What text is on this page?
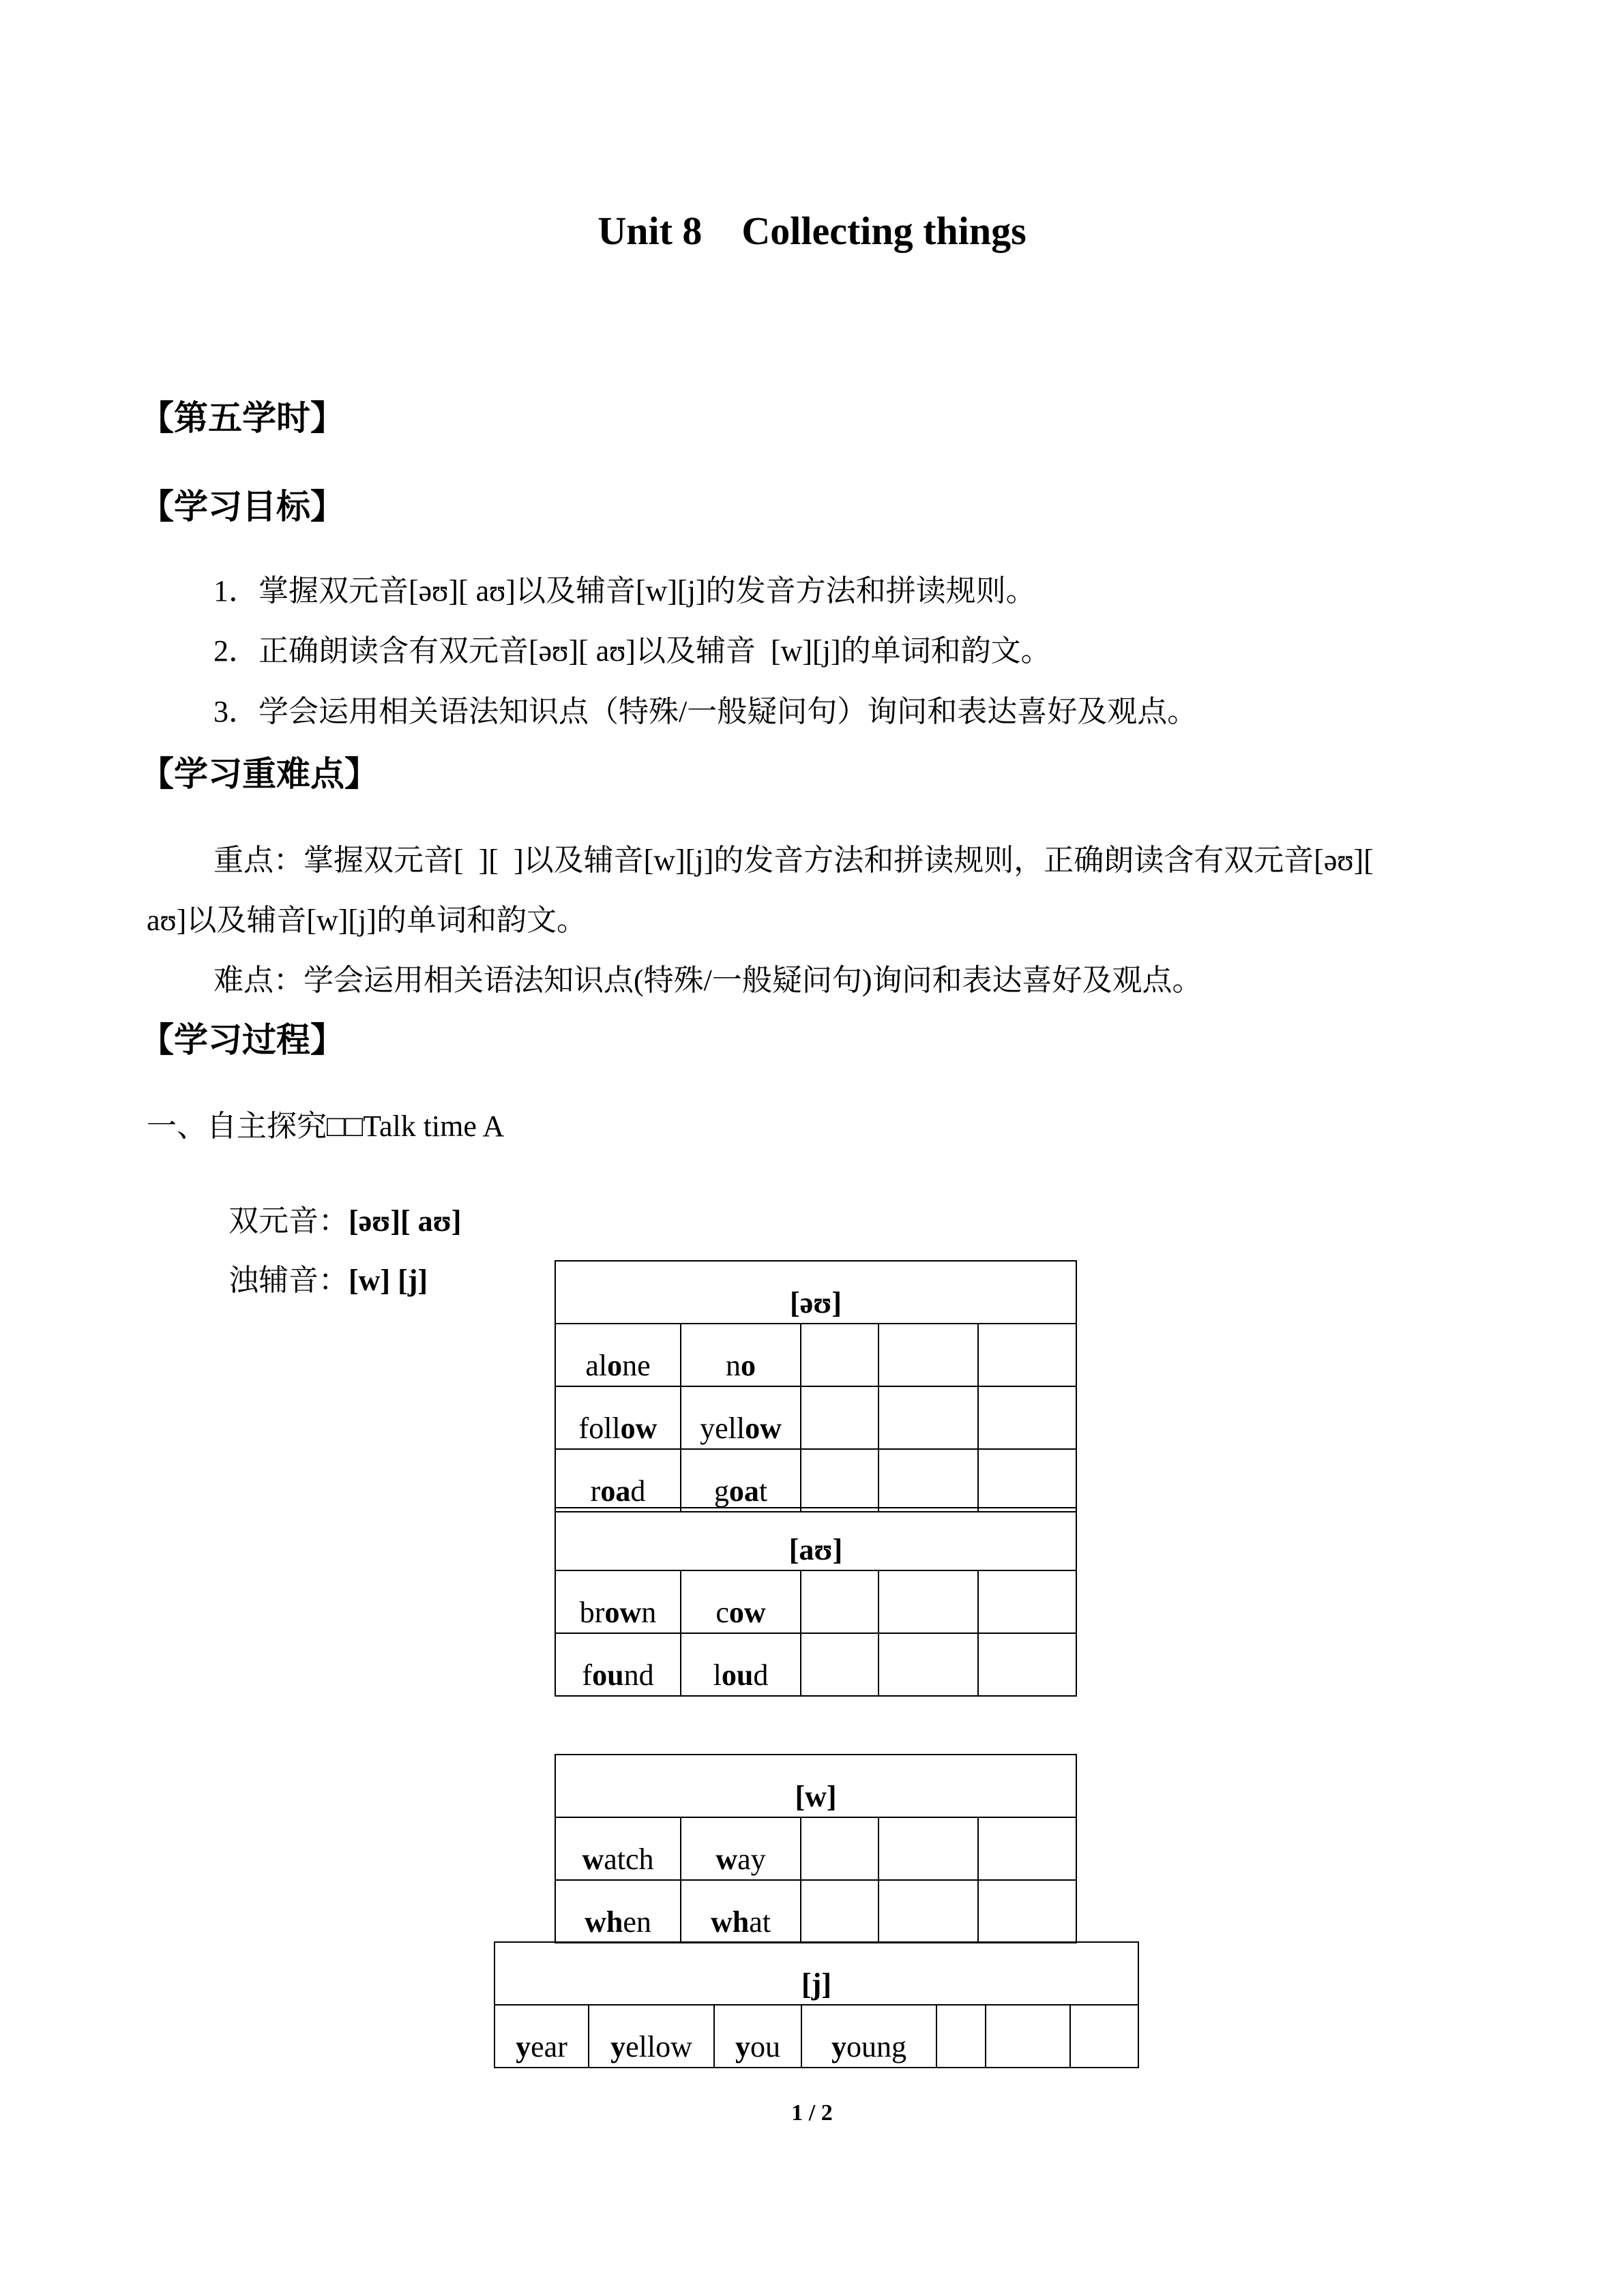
Unit 8    Collecting things
【第五学时】
【学习目标】
1．掌握双元音[əʊ][ aʊ]以及辅音[w][j]的发音方法和拼读规则。
2．正确朗读含有双元音[əʊ][ aʊ]以及辅音  [w][j]的单词和韵文。
3．学会运用相关语法知识点（特殊/一般疑问句）询问和表达喜好及观点。
【学习重难点】
重点：掌握双元音[  ][  ]以及辅音[w][j]的发音方法和拼读规则，正确朗读含有双元音[əʊ][
aʊ]以及辅音[w][j]的单词和韵文。
难点：学会运用相关语法知识点(特殊/一般疑问句)询问和表达喜好及观点。
【学习过程】
一、自主探究□□Talk time A

双元音：[əʊ][ aʊ]

浊辅音：[w] [j]

[əʊ]				
alone	no			
follow	yellow			
road	goat			
[aʊ]				
brown	cow			
found	loud			
[w]				
watch	way			
when	what			
[j]
year	yellow	you	young			
1 / 2
